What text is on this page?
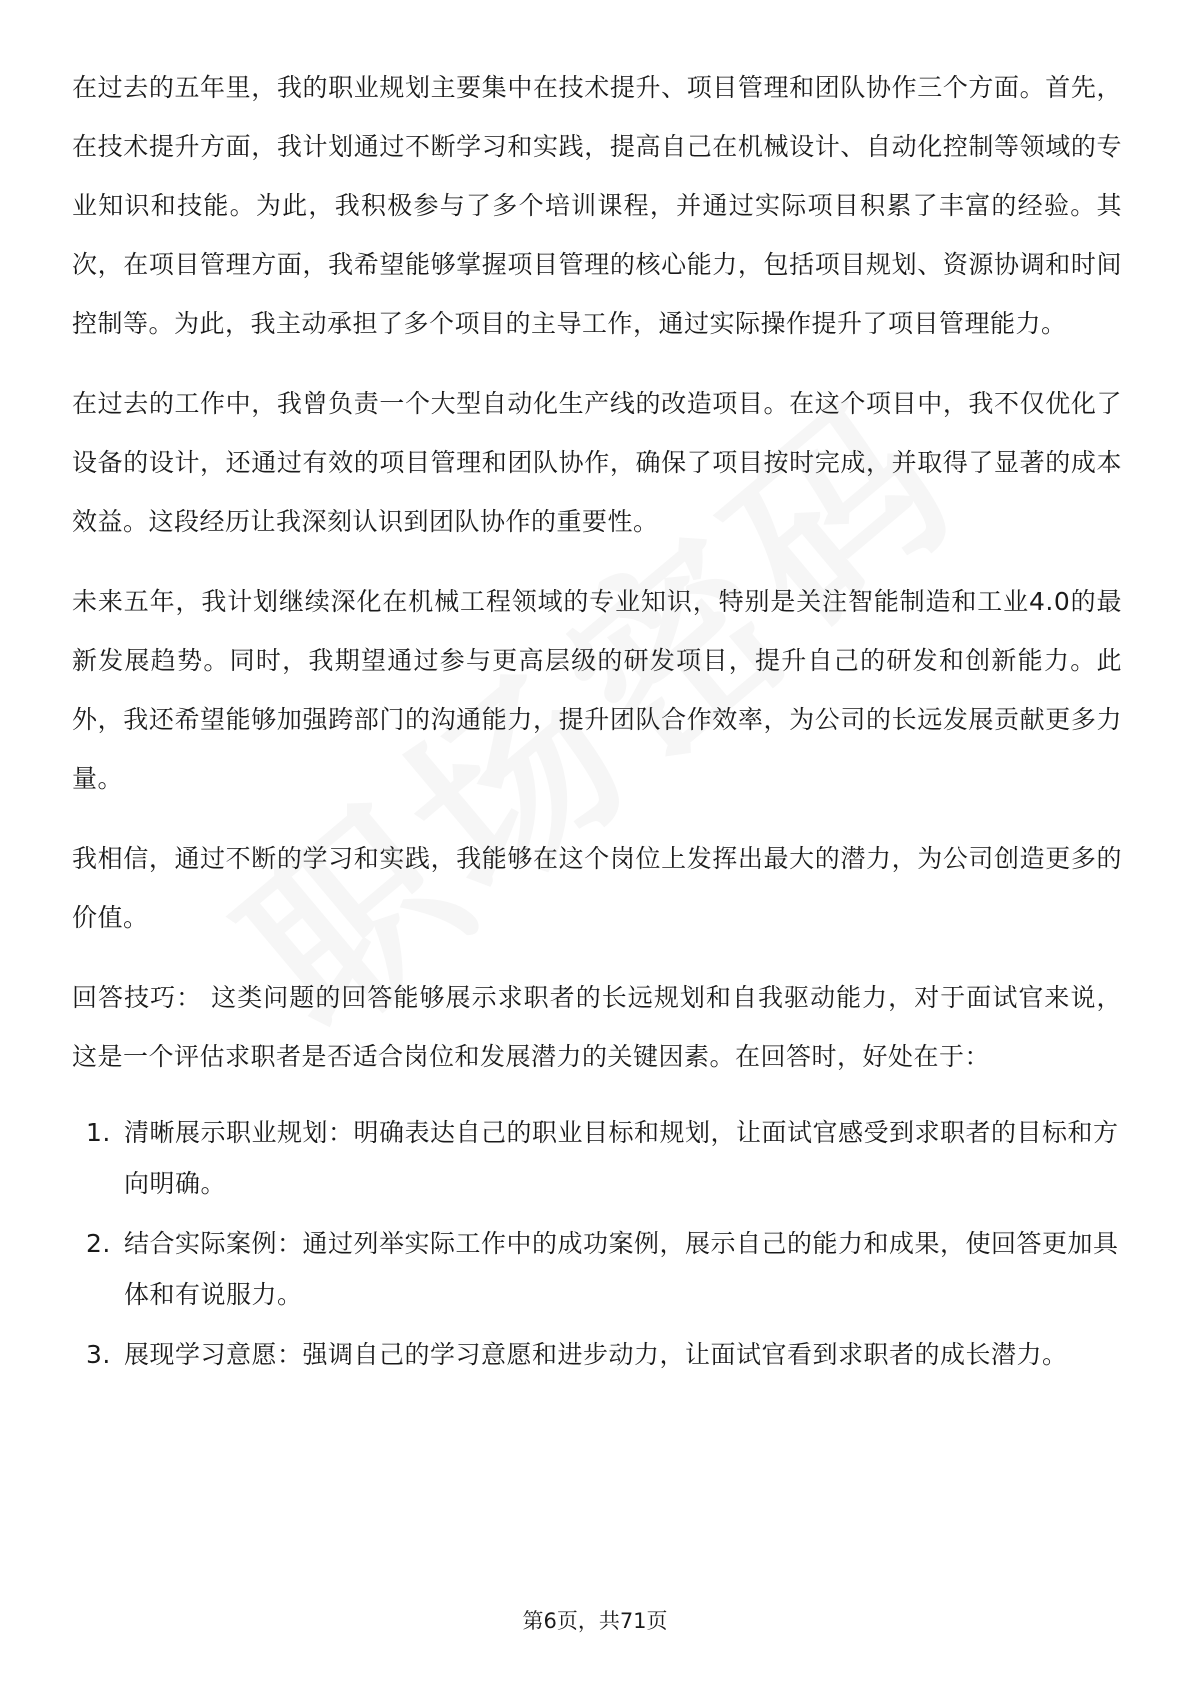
在过去的五年里，我的职业规划主要集中在技术提升、项目管理和团队协作三个方面。首先，在技术提升方面，我计划通过不断学习和实践，提高自己在机械设计、自动化控制等领域的专业知识和技能。为此，我积极参与了多个培训课程，并通过实际项目积累了丰富的经验。其次，在项目管理方面，我希望能够掌握项目管理的核心能力，包括项目规划、资源协调和时间控制等。为此，我主动承担了多个项目的主导工作，通过实际操作提升了项目管理能力。

在过去的工作中，我曾负责一个大型自动化生产线的改造项目。在这个项目中，我不仅优化了设备的设计，还通过有效的项目管理和团队协作，确保了项目按时完成，并取得了显著的成本效益。这段经历让我深刻认识到团队协作的重要性。

未来五年，我计划继续深化在机械工程领域的专业知识，特别是关注智能制造和工业4.0的最新发展趋势。同时，我期望通过参与更高层级的研发项目，提升自己的研发和创新能力。此外，我还希望能够加强跨部门的沟通能力，提升团队合作效率，为公司的长远发展贡献更多力量。

我相信，通过不断的学习和实践，我能够在这个岗位上发挥出最大的潜力，为公司创造更多的价值。

回答技巧： 这类问题的回答能够展示求职者的长远规划和自我驱动能力，对于面试官来说，这是一个评估求职者是否适合岗位和发展潜力的关键因素。在回答时，好处在于：

1. 清晰展示职业规划：明确表达自己的职业目标和规划，让面试官感受到求职者的目标和方向明确。
2. 结合实际案例：通过列举实际工作中的成功案例，展示自己的能力和成果，使回答更加具体和有说服力。
3. 展现学习意愿：强调自己的学习意愿和进步动力，让面试官看到求职者的成长潜力。
第6页，共71页
